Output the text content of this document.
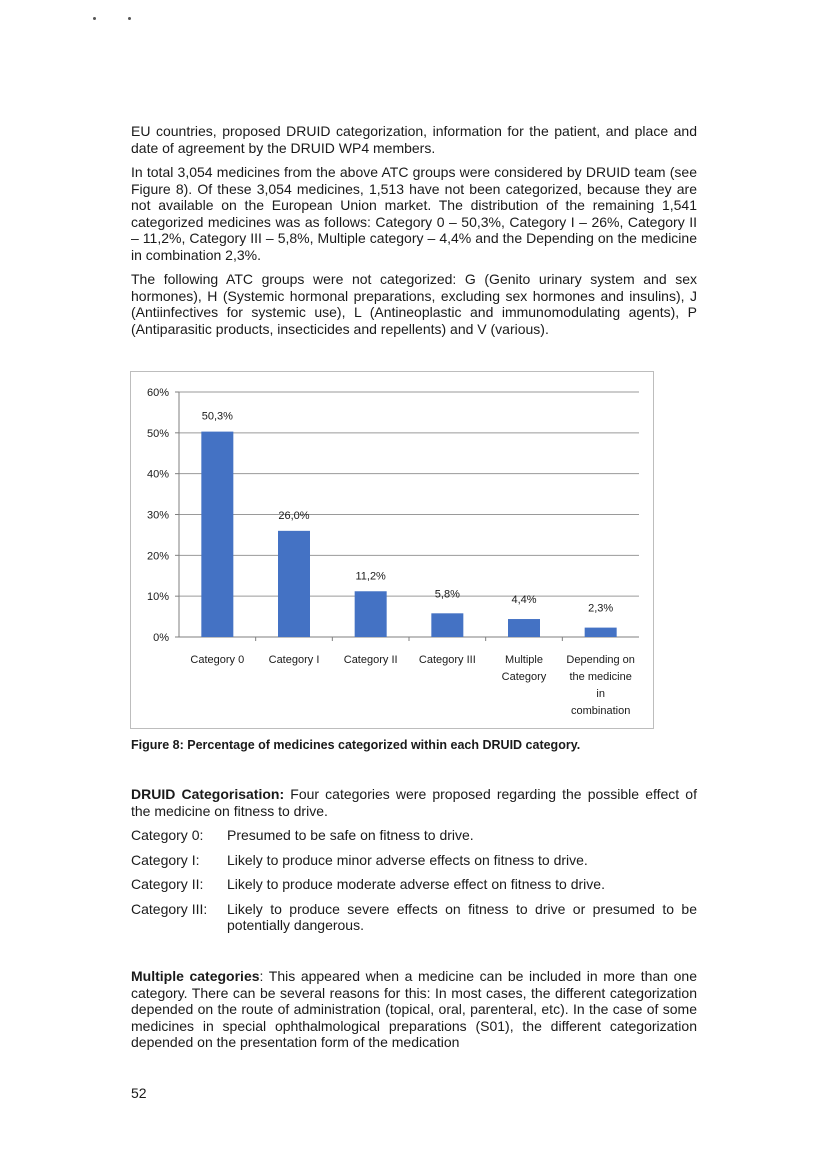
EU countries, proposed DRUID categorization, information for the patient, and place and date of agreement by the DRUID WP4 members.

In total 3,054 medicines from the above ATC groups were considered by DRUID team (see Figure 8). Of these 3,054 medicines, 1,513 have not been categorized, because they are not available on the European Union market. The distribution of the remaining 1,541 categorized medicines was as follows: Category 0 – 50,3%, Category I – 26%, Category II – 11,2%, Category III – 5,8%, Multiple category – 4,4% and the Depending on the medicine in combination 2,3%.

The following ATC groups were not categorized: G (Genito urinary system and sex hormones), H (Systemic hormonal preparations, excluding sex hormones and insulins), J (Antiinfectives for systemic use), L (Antineoplastic and immunomodulating agents), P (Antiparasitic products, insecticides and repellents) and V (various).

0%
10%
20%
30%
40%
50%
60%
50,3%
Category 0
26,0%
Category I
11,2%
Category II
5,8%
Category III
4,4%
Multiple
Category
2,3%
Depending on
the medicine
in
combination
Figure 8: Percentage of medicines categorized within each DRUID category.

DRUID Categorisation: Four categories were proposed regarding the possible effect of the medicine on fitness to drive.

Category 0:	Presumed to be safe on fitness to drive.
Category I:	Likely to produce minor adverse effects on fitness to drive.
Category II:	Likely to produce moderate adverse effect on fitness to drive.
Category III:	Likely to produce severe effects on fitness to drive or presumed to be potentially dangerous.

Multiple categories: This appeared when a medicine can be included in more than one category. There can be several reasons for this: In most cases, the different categorization depended on the route of administration (topical, oral, parenteral, etc). In the case of some medicines in special ophthalmological preparations (S01), the different categorization depended on the presentation form of the medication

52
